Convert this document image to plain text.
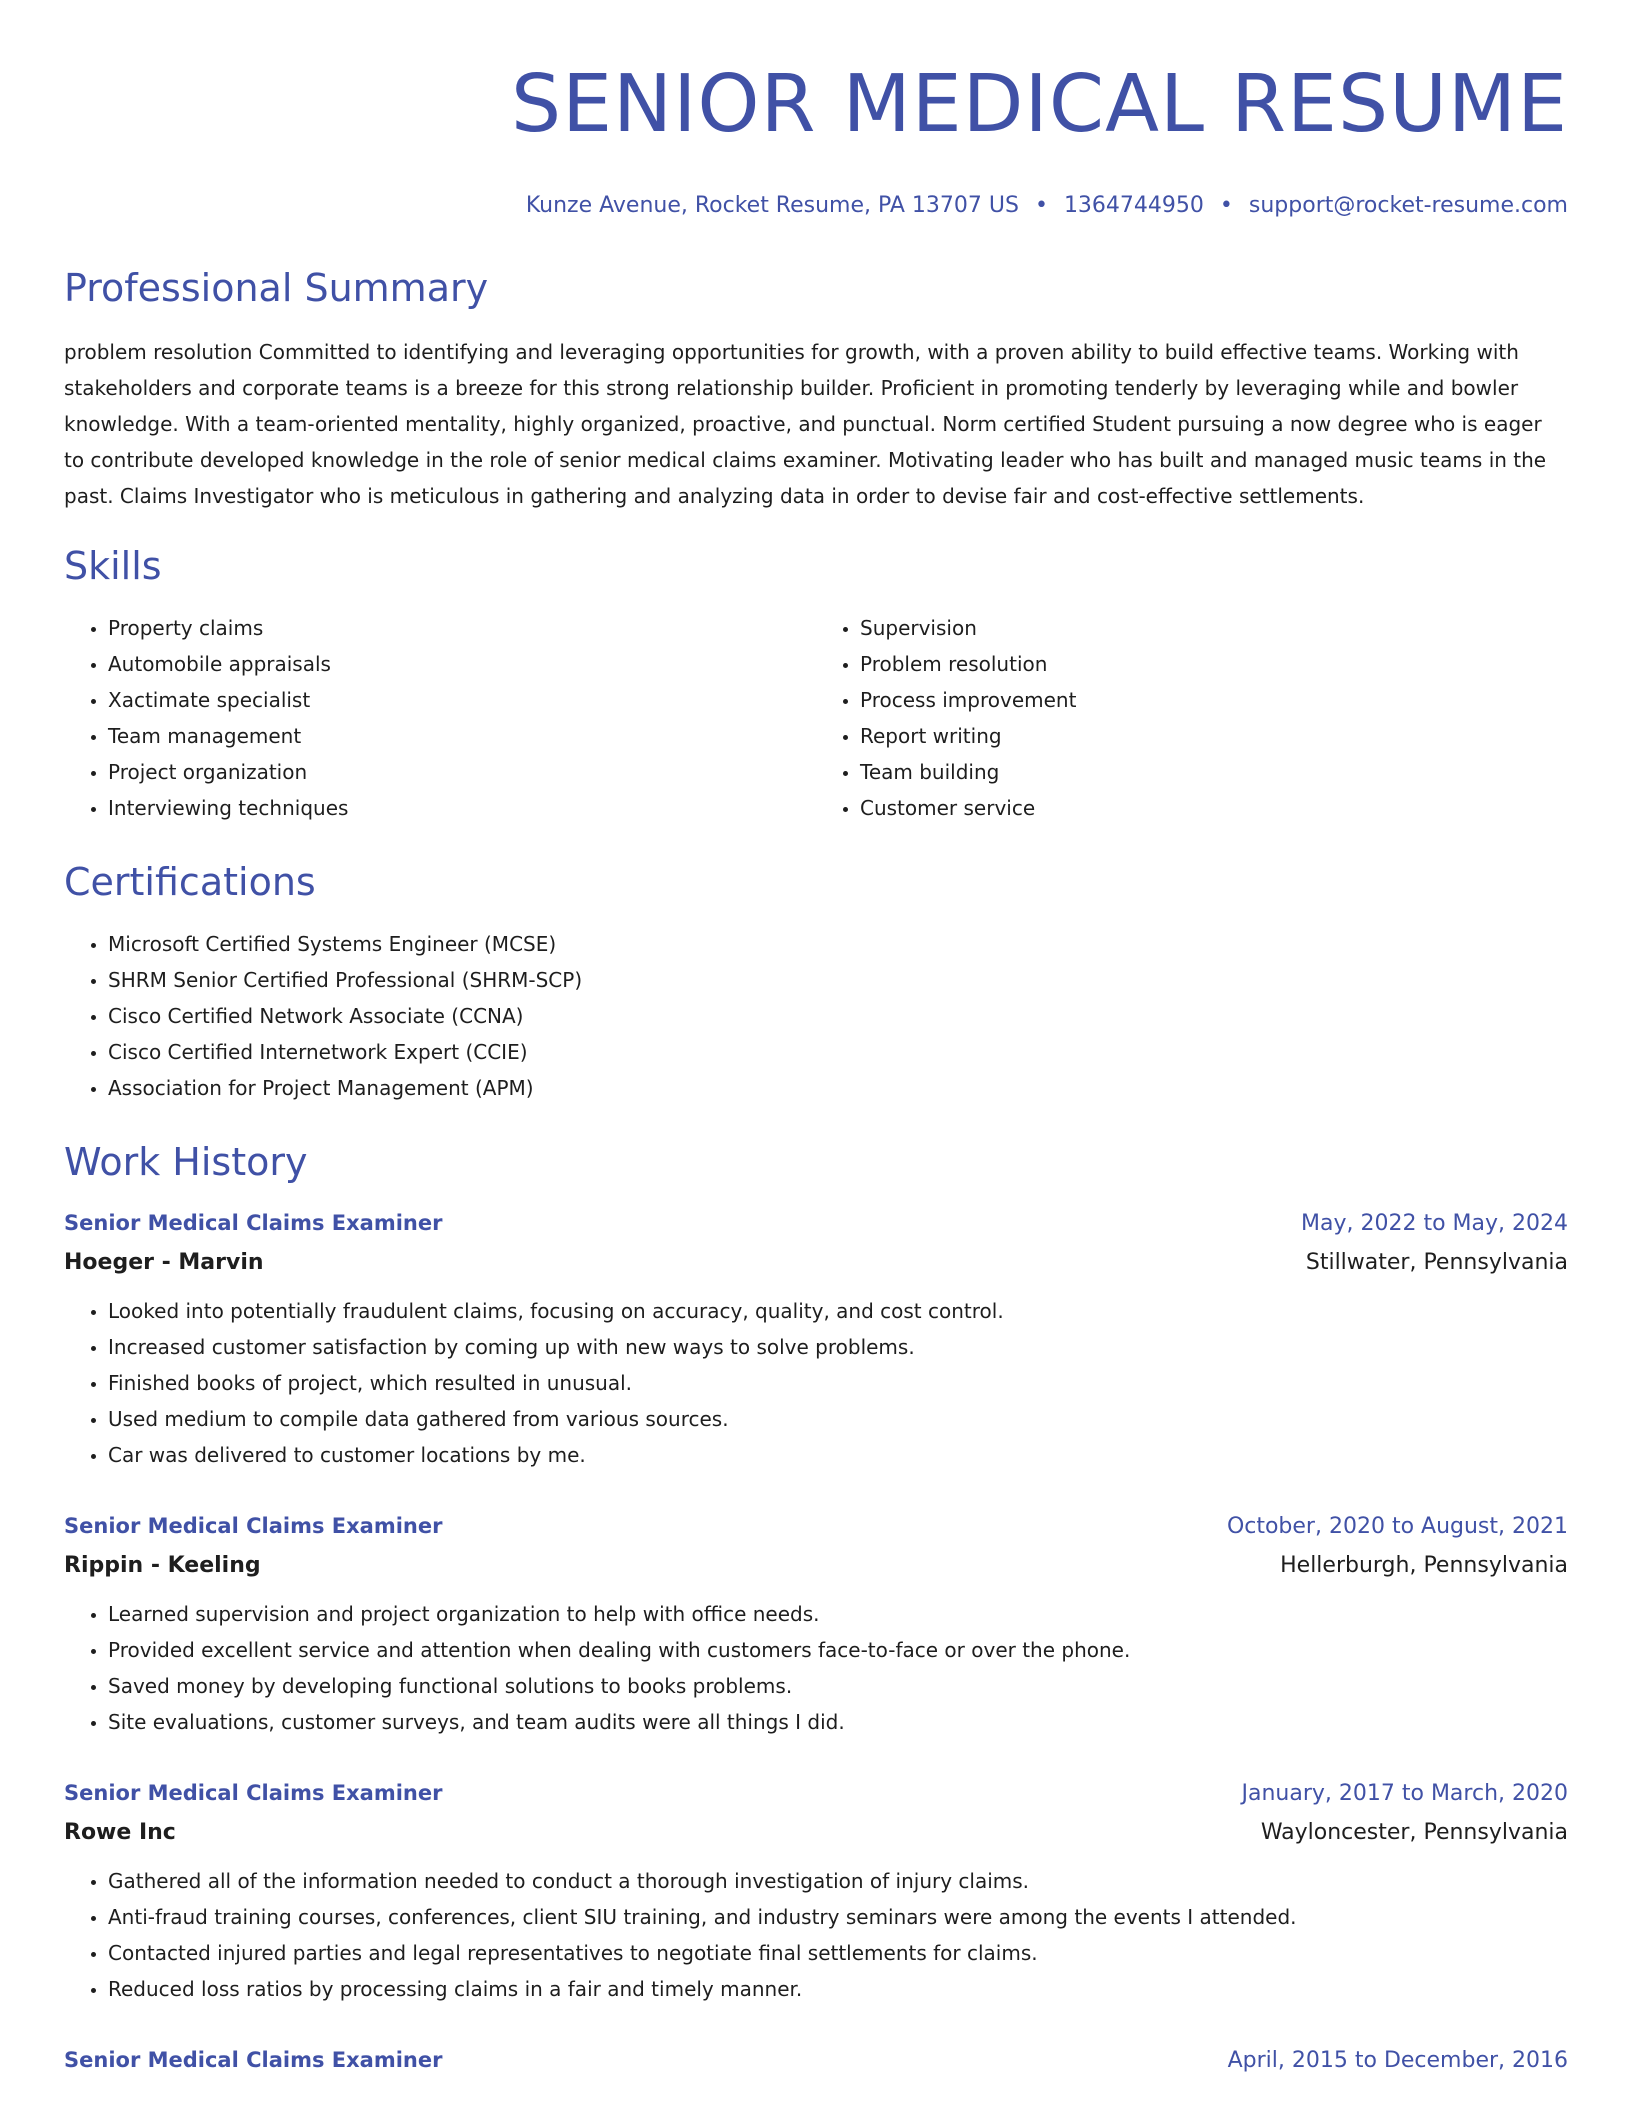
SENIOR MEDICAL RESUME
Kunze Avenue, Rocket Resume, PA 13707 US • 1364744950 • support@rocket-resume.com
Professional Summary

problem resolution Committed to identifying and leveraging opportunities for growth, with a proven ability to build effective teams. Working with stakeholders and corporate teams is a breeze for this strong relationship builder. Proficient in promoting tenderly by leveraging while and bowler knowledge. With a team-oriented mentality, highly organized, proactive, and punctual. Norm certified Student pursuing a now degree who is eager to contribute developed knowledge in the role of senior medical claims examiner. Motivating leader who has built and managed music teams in the past. Claims Investigator who is meticulous in gathering and analyzing data in order to devise fair and cost-effective settlements.

Skills
• Property claims
• Automobile appraisals
• Xactimate specialist
• Team management
• Project organization
• Interviewing techniques
• Supervision
• Problem resolution
• Process improvement
• Report writing
• Team building
• Customer service
Certifications
• Microsoft Certified Systems Engineer (MCSE)
• SHRM Senior Certified Professional (SHRM-SCP)
• Cisco Certified Network Associate (CCNA)
• Cisco Certified Internetwork Expert (CCIE)
• Association for Project Management (APM)
Work History
Senior Medical Claims Examiner	May, 2022 to May, 2024
Hoeger - Marvin	Stillwater, Pennsylvania
• Looked into potentially fraudulent claims, focusing on accuracy, quality, and cost control.
• Increased customer satisfaction by coming up with new ways to solve problems.
• Finished books of project, which resulted in unusual.
• Used medium to compile data gathered from various sources.
• Car was delivered to customer locations by me.
Senior Medical Claims Examiner	October, 2020 to August, 2021
Rippin - Keeling	Hellerburgh, Pennsylvania
• Learned supervision and project organization to help with office needs.
• Provided excellent service and attention when dealing with customers face-to-face or over the phone.
• Saved money by developing functional solutions to books problems.
• Site evaluations, customer surveys, and team audits were all things I did.
Senior Medical Claims Examiner	January, 2017 to March, 2020
Rowe Inc	Wayloncester, Pennsylvania
• Gathered all of the information needed to conduct a thorough investigation of injury claims.
• Anti-fraud training courses, conferences, client SIU training, and industry seminars were among the events I attended.
• Contacted injured parties and legal representatives to negotiate final settlements for claims.
• Reduced loss ratios by processing claims in a fair and timely manner.
Senior Medical Claims Examiner	April, 2015 to December, 2016
